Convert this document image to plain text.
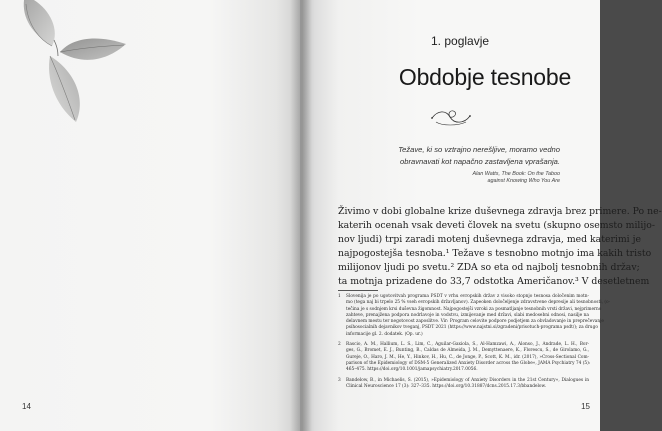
14
1. poglavje
Obdobje tesnobe
Težave, ki so vztrajno nerešljive, moramo vedno
obravnavati kot napačno zastavljena vprašanja.
Alan Watts, The Book: On the Taboo
against Knowing Who You Are
Živimo v dobi globalne krize duševnega zdravja brez primere. Po ne-
katerih ocenah vsak deveti človek na svetu (skupno osemsto milijo-
nov ljudi) trpi zaradi motenj duševnega zdravja, med katerimi je
najpogostejša tesnoba.¹ Težave s tesnobno motnjo ima kakih tristo
milijonov ljudi po svetu.² ZDA so eta od najbolj tesnobnih držav;
ta motnja prizadene do 33,7 odstotka Američanov.³ V desetletnem
1 Slovenija je po ugotovitvah programa PSDT v vrhu evropskih držav z visoko stopnjo tesnosa določenim motn-
mo (tega naj bi trpelo 25 % vseh evropskih državljanov). Zapeoken določeljenje zdravstvene depresije ali tesnobnosti, (o-
tečina je s sodnjem krsi duševna žigomnost. Najpogostejši vzroki za posmatljanje tesnobnih vrsti državi, nejprimerno
zahteve, prenajžena podpora nodrlavoje in vodstvu, izmijevanje med državi, slabi medosebni odnosi, nasilje na
delavnem mestu ter negotovost zaposlitve. Vir: Program celovite podpore podjetjem za obvladovanje in preprečevanje
psihosocialnih dejavnikov tveganj, PSDT 2021 (https://www.najstni.si/zgradeni/prisotuch-programa psdt/); za drugo
informacije gl. 2. dodatek. (Op. ur.)
2 Rascio, A. M., Hallium, L. S., Lim, C., Aguilar-Gaxiola, S., Al-Hamzawi, A., Alonso, J., Andrade, L. H., Bor-
ges, G., Bromet, E. J., Bunting, B., Caldas de Almeida, J. M., Demyttenaere, K., Florescu, S., de Girolamo, G.,
Gureje, O., Haro, J. M., He, Y., Hinkov, H., Hu, C., de Jonge, P., Scott, K. M., idr. (2017), »Cross-Sectional Com-
parison of the Epidemiology of DSM-5 Generalized Anxiety Disorder across the Globe«, JAMA Psychiatry 74 (5):
465–475. https://doi.org/10.1001/jamapsychiatry.2017.0056.
3 Bandelow, B., in Michaelis, S. (2015), »Epidemiology of Anxiety Disorders in the 21st Century«, Dialogues in
Clinical Neuroscience 17 (3): 327–335. https://doi.org/10.31887/dcns.2015.17.3/bbandelow.
15
